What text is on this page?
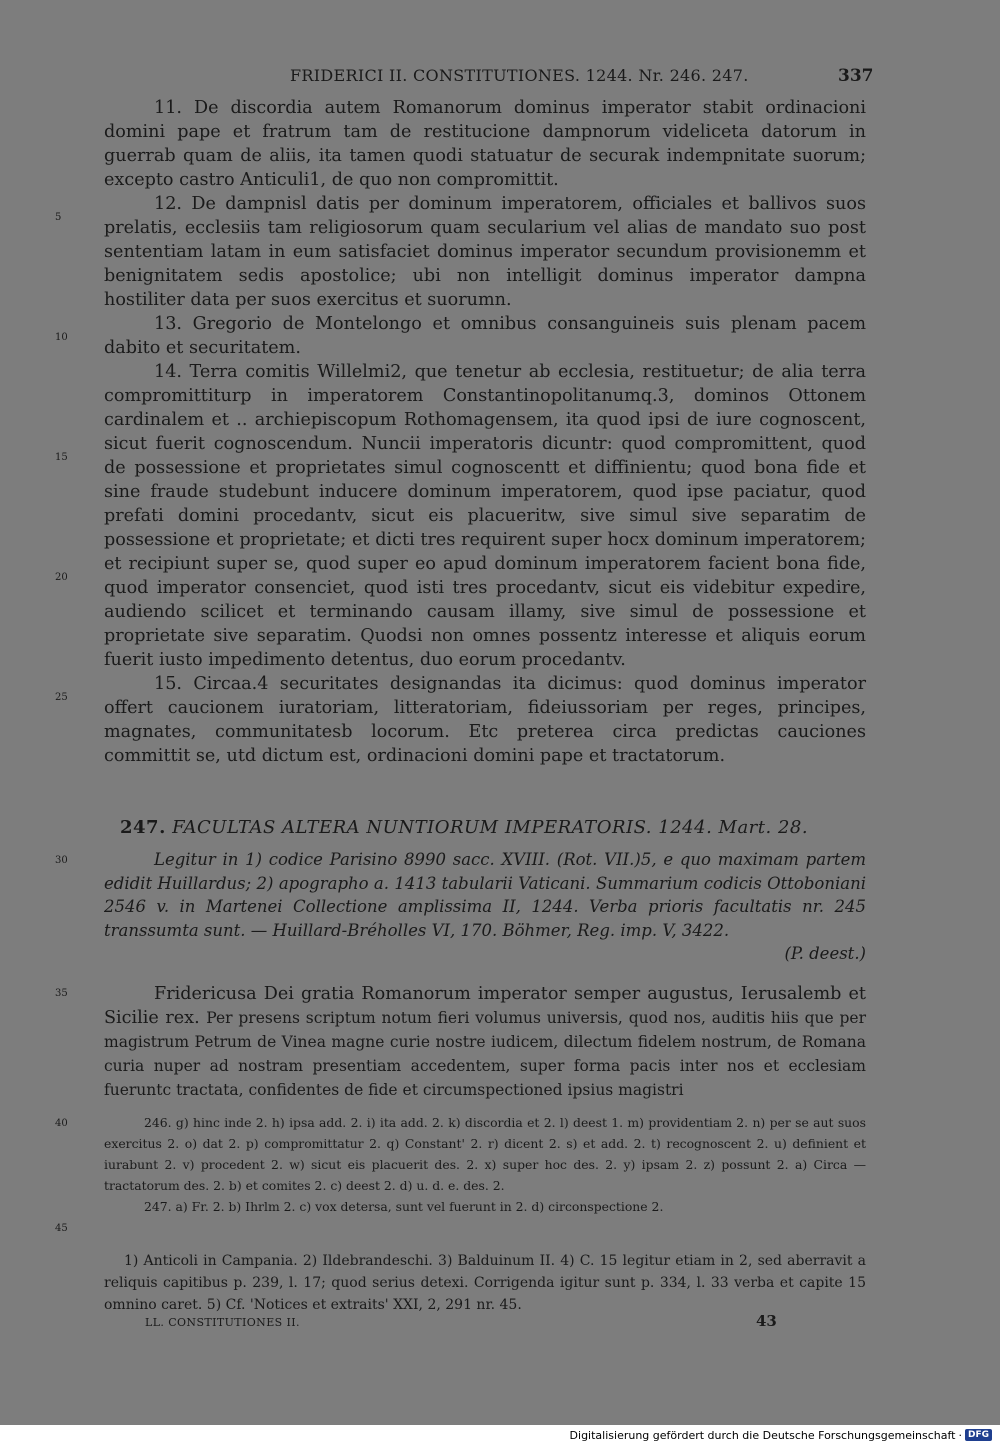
FRIDERICI II. CONSTITUTIONES. 1244. Nr. 246. 247.	337
5
10
15
20
25
30
35
40
45

11. De discordia autem Romanorum dominus imperator stabit ordinacioni domini pape et fratrum tam de restitucione dampnorum videliceta datorum in guerrab quam de aliis, ita tamen quodi statuatur de securak indempnitate suorum; excepto castro Anticuli1, de quo non compromittit.

12. De dampnisl datis per dominum imperatorem, officiales et ballivos suos prelatis, ecclesiis tam religiosorum quam secularium vel alias de mandato suo post sententiam latam in eum satisfaciet dominus imperator secundum provisionemm et benignitatem sedis apostolice; ubi non intelligit dominus imperator dampna hostiliter data per suos exercitus et suorumn.

13. Gregorio de Montelongo et omnibus consanguineis suis plenam pacem dabito et securitatem.

14. Terra comitis Willelmi2, que tenetur ab ecclesia, restituetur; de alia terra compromittiturp in imperatorem Constantinopolitanumq.3, dominos Ottonem cardinalem et .. archiepiscopum Rothomagensem, ita quod ipsi de iure cognoscent, sicut fuerit cognoscendum. Nuncii imperatoris dicuntr: quod compromittent, quod de possessione et proprietates simul cognoscentt et diffinientu; quod bona fide et sine fraude studebunt inducere dominum imperatorem, quod ipse paciatur, quod prefati domini procedantv, sicut eis placueritw, sive simul sive separatim de possessione et proprietate; et dicti tres requirent super hocx dominum imperatorem; et recipiunt super se, quod super eo apud dominum imperatorem facient bona fide, quod imperator consenciet, quod isti tres procedantv, sicut eis videbitur expedire, audiendo scilicet et terminando causam illamy, sive simul de possessione et proprietate sive separatim. Quodsi non omnes possentz interesse et aliquis eorum fuerit iusto impedimento detentus, duo eorum procedantv.

15. Circaa.4 securitates designandas ita dicimus: quod dominus imperator offert caucionem iuratoriam, litteratoriam, fideiussoriam per reges, principes, magnates, communitatesb locorum. Etc preterea circa predictas cauciones committit se, utd dictum est, ordinacioni domini pape et tractatorum.

247. FACULTAS ALTERA NUNTIORUM IMPERATORIS. 1244. Mart. 28.

Legitur in 1) codice Parisino 8990 sacc. XVIII. (Rot. VII.)5, e quo maximam partem edidit Huillardus; 2) apographo a. 1413 tabularii Vaticani. Summarium codicis Ottoboniani 2546 v. in Martenei Collectione amplissima II, 1244. Verba prioris facultatis nr. 245 transsumta sunt. — Huillard-Bréholles VI, 170. Böhmer, Reg. imp. V, 3422.

(P. deest.)

Fridericusa Dei gratia Romanorum imperator semper augustus, Ierusalemb et Sicilie rex. Per presens scriptum notum fieri volumus universis, quod nos, auditis hiis que per magistrum Petrum de Vinea magne curie nostre iudicem, dilectum fidelem nostrum, de Romana curia nuper ad nostram presentiam accedentem, super forma pacis inter nos et ecclesiam fueruntc tractata, confidentes de fide et circumspectioned ipsius magistri

246. g) hinc inde 2. h) ipsa add. 2. i) ita add. 2. k) discordia et 2. l) deest 1. m) providentiam 2. n) per se aut suos exercitus 2. o) dat 2. p) compromittatur 2. q) Constant' 2. r) dicent 2. s) et add. 2. t) recognoscent 2. u) definient et iurabunt 2. v) procedent 2. w) sicut eis placuerit des. 2. x) super hoc des. 2. y) ipsam 2. z) possunt 2. a) Circa — tractatorum des. 2. b) et comites 2. c) deest 2. d) u. d. e. des. 2.

247. a) Fr. 2. b) Ihrlm 2. c) vox detersa, sunt vel fuerunt in 2. d) circonspectione 2.

1) Anticoli in Campania. 2) Ildebrandeschi. 3) Balduinum II. 4) C. 15 legitur etiam in 2, sed aberravit a reliquis capitibus p. 239, l. 17; quod serius detexi. Corrigenda igitur sunt p. 334, l. 33 verba et capite 15 omnino caret. 5) Cf. 'Notices et extraits' XXI, 2, 291 nr. 45.

LL. CONSTITUTIONES II.	43
Digitalisierung gefördert durch die Deutsche Forschungsgemeinschaft · DFG
